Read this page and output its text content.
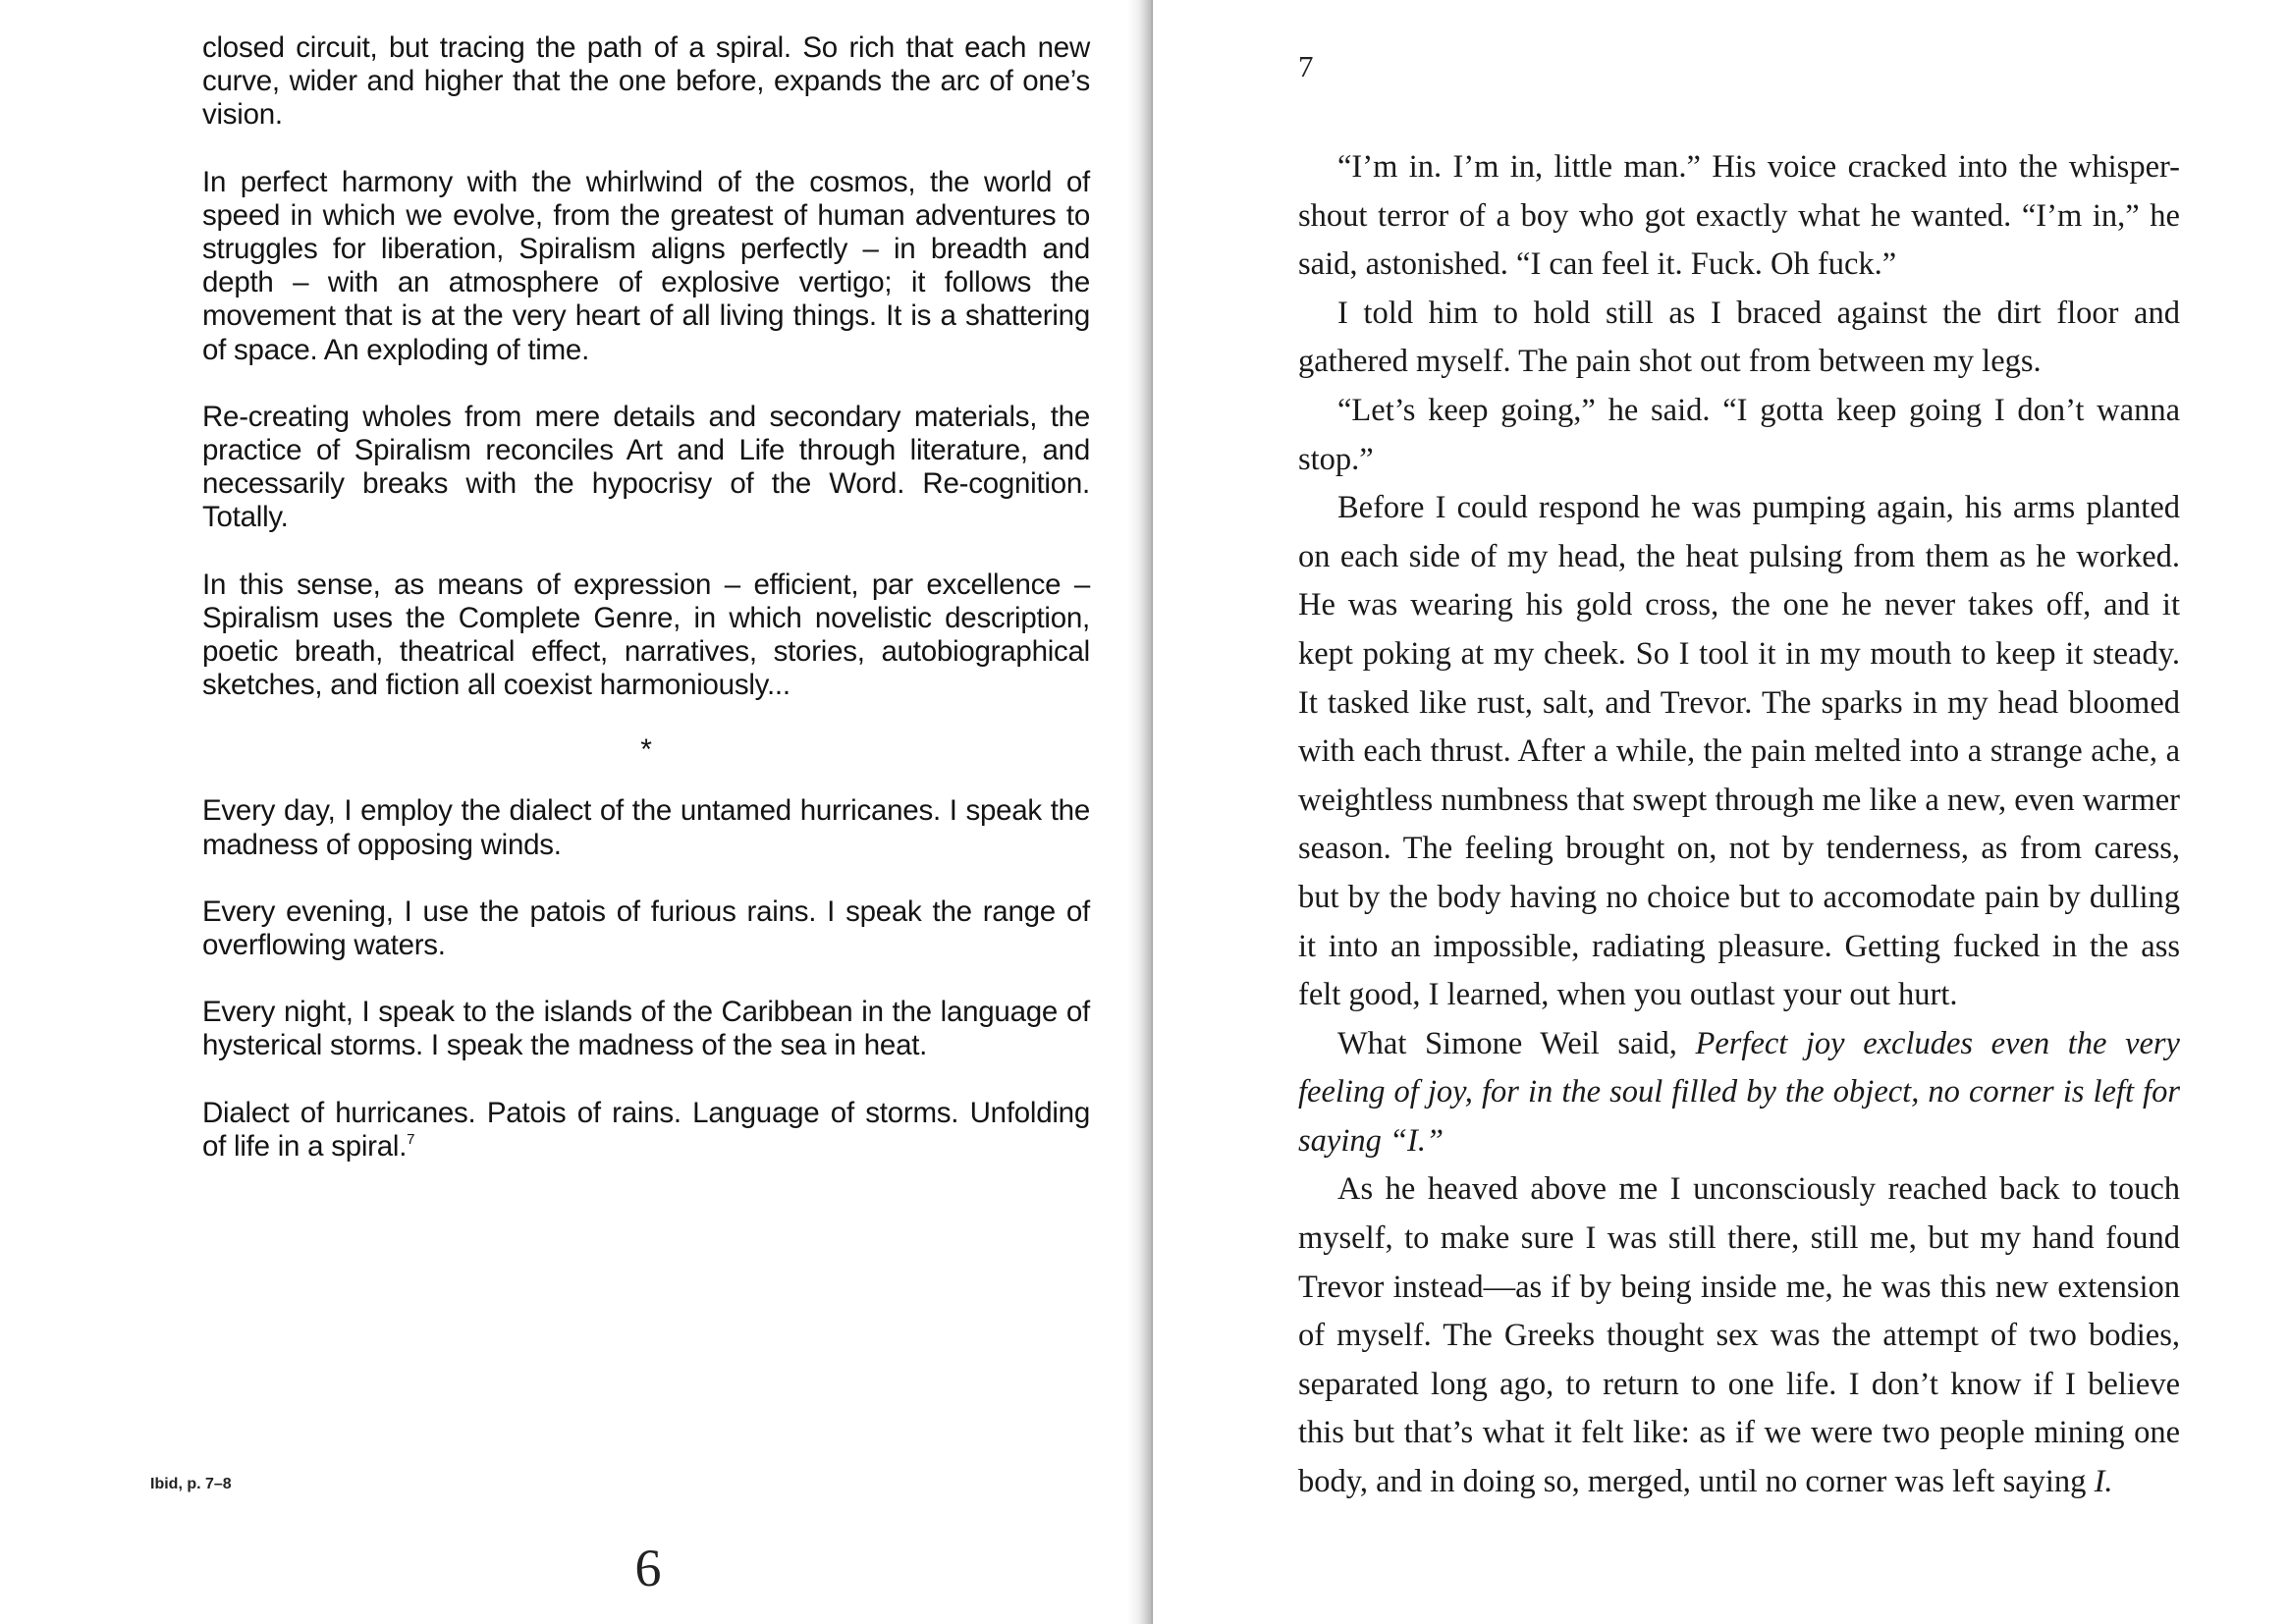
closed circuit, but tracing the path of a spiral. So rich that each new curve, wider and higher that the one before, expands the arc of one’s vision.

In perfect harmony with the whirlwind of the cosmos, the world of speed in which we evolve, from the greatest of human adventures to struggles for liberation, Spiralism aligns perfectly – in breadth and depth – with an atmosphere of explosive vertigo; it follows the movement that is at the very heart of all living things. It is a shattering of space. An exploding of time.

Re-creating wholes from mere details and secondary materials, the practice of Spiralism reconciles Art and Life through literature, and necessarily breaks with the hypocrisy of the Word. Re-cognition. Totally.

In this sense, as means of expression – efficient, par excellence – Spiralism uses the Complete Genre, in which novelistic description, poetic breath, theatrical effect, narratives, stories, autobiographical sketches, and fiction all coexist harmoniously...

*

Every day, I employ the dialect of the untamed hurricanes. I speak the madness of opposing winds.

Every evening, I use the patois of furious rains. I speak the range of overflowing waters.

Every night, I speak to the islands of the Caribbean in the language of hysterical storms. I speak the madness of the sea in heat.

Dialect of hurricanes. Patois of rains. Language of storms. Unfolding of life in a spiral.$^7$

Ibid, p. 7–8
6
7

“I’m in. I’m in, little man.” His voice cracked into the whisper-shout terror of a boy who got exactly what he wanted. “I’m in,” he said, astonished. “I can feel it. Fuck. Oh fuck.”

I told him to hold still as I braced against the dirt floor and gathered myself. The pain shot out from between my legs.

“Let’s keep going,” he said. “I gotta keep going I don’t wanna stop.”

Before I could respond he was pumping again, his arms planted on each side of my head, the heat pulsing from them as he worked. He was wearing his gold cross, the one he never takes off, and it kept poking at my cheek. So I tool it in my mouth to keep it steady. It tasked like rust, salt, and Trevor. The sparks in my head bloomed with each thrust. After a while, the pain melted into a strange ache, a weightless numbness that swept through me like a new, even warmer season. The feeling brought on, not by tenderness, as from caress, but by the body having no choice but to accomodate pain by dulling it into an impossible, radiating pleasure. Getting fucked in the ass felt good, I learned, when you outlast your out hurt.

What Simone Weil said, Perfect joy excludes even the very feeling of joy, for in the soul filled by the object, no corner is left for saying “I.”

As he heaved above me I unconsciously reached back to touch myself, to make sure I was still there, still me, but my hand found Trevor instead—as if by being inside me, he was this new extension of myself. The Greeks thought sex was the attempt of two bodies, separated long ago, to return to one life. I don’t know if I believe this but that’s what it felt like: as if we were two people mining one body, and in doing so, merged, until no corner was left saying I.
